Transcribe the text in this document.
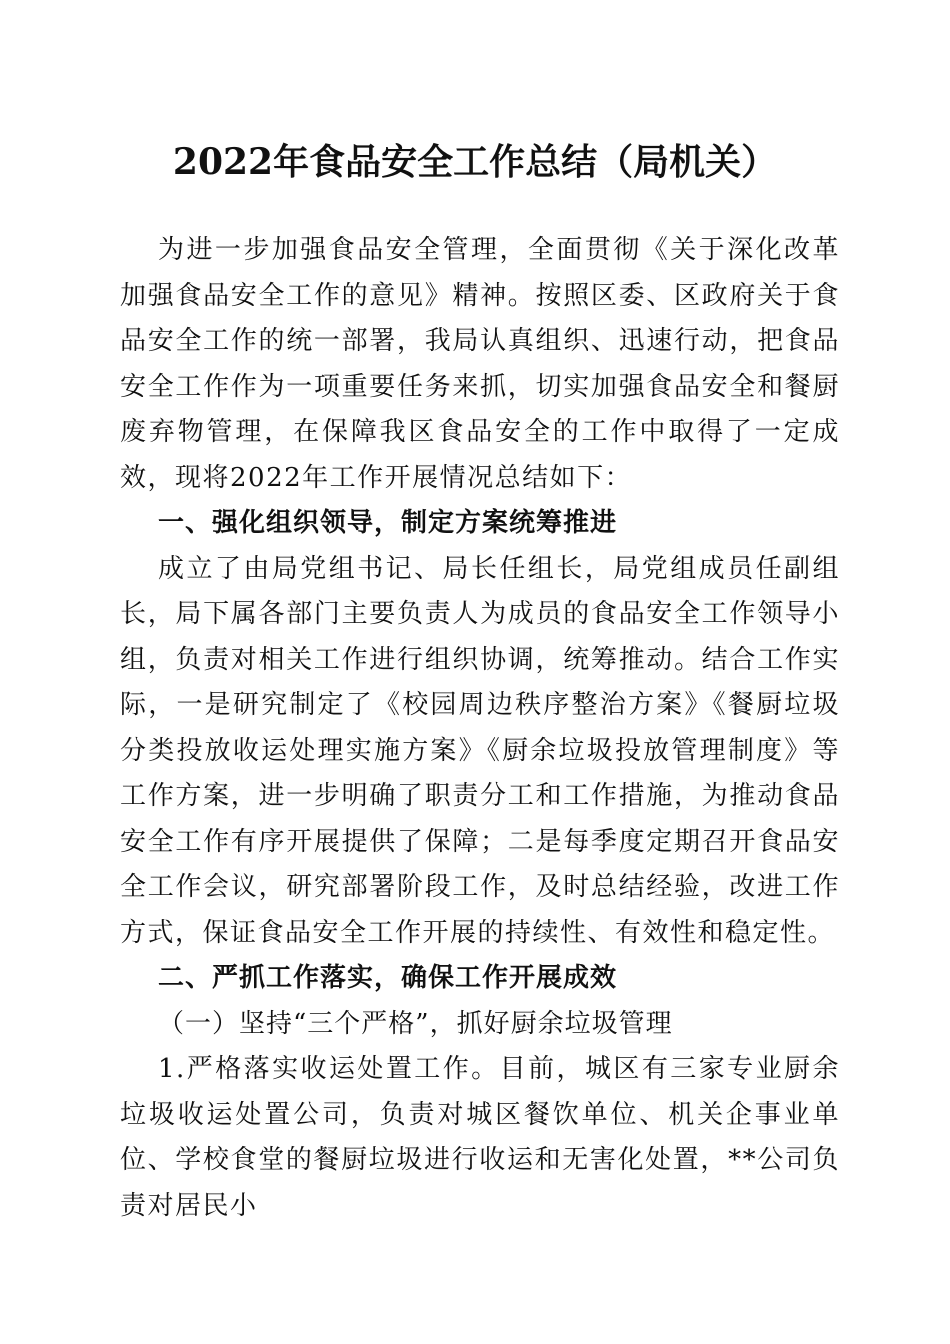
2022年食品安全工作总结（局机关）

为进一步加强食品安全管理，全面贯彻《关于深化改革加强食品安全工作的意见》精神。按照区委、区政府关于食品安全工作的统一部署，我局认真组织、迅速行动，把食品安全工作作为一项重要任务来抓，切实加强食品安全和餐厨废弃物管理，在保障我区食品安全的工作中取得了一定成效，现将2022年工作开展情况总结如下：

一、强化组织领导，制定方案统筹推进

成立了由局党组书记、局长任组长，局党组成员任副组长，局下属各部门主要负责人为成员的食品安全工作领导小组，负责对相关工作进行组织协调，统筹推动。结合工作实际，一是研究制定了《校园周边秩序整治方案》《餐厨垃圾分类投放收运处理实施方案》《厨余垃圾投放管理制度》等工作方案，进一步明确了职责分工和工作措施，为推动食品安全工作有序开展提供了保障；二是每季度定期召开食品安全工作会议，研究部署阶段工作，及时总结经验，改进工作方式，保证食品安全工作开展的持续性、有效性和稳定性。

二、严抓工作落实，确保工作开展成效

（一）坚持“三个严格”，抓好厨余垃圾管理

1.严格落实收运处置工作。目前，城区有三家专业厨余垃圾收运处置公司，负责对城区餐饮单位、机关企事业单位、学校食堂的餐厨垃圾进行收运和无害化处置，**公司负责对居民小
